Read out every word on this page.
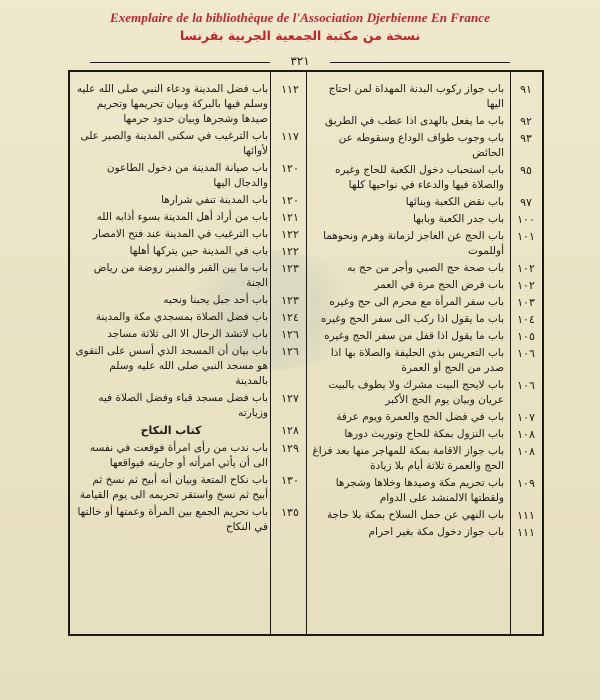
Exemplaire de la bibliothèque de l'Association Djerbienne En France
نسخة من مكتبة الجمعية الجربية بفرنسا
٣٢١
٩١
باب جواز ركوب البدنة المهداة لمن احتاج اليها
٩٢
باب ما يفعل بالهدى اذا عطب في الطريق
٩٣
باب وجوب طواف الوداع وسقوطه عن الحائض
٩٥
باب استحباب دخول الكعبة للحاج وغيره والصلاة فيها والدعاء في نواحيها كلها
٩٧
باب نقض الكعبة وبنائها
١٠٠
باب جدر الكعبة وبابها
١٠١
باب الحج عن العاجز لزمانة وهرم ونحوهما أوللموت
١٠٢
باب صحة حج الصبي وأجر من حج به
١٠٢
باب فرض الحج مرة في العمر
١٠٣
باب سفر المرأة مع محرم الى حج وغيره
١٠٤
باب ما يقول اذا ركب الى سفر الحج وغيره
١٠٥
باب ما يقول اذا قفل من سفر الحج وغيره
١٠٦
باب التعريس بذي الحليفة والصلاة بها اذا صدر من الحج أو العمرة
١٠٦
باب لايحج البيت مشرك ولا يطوف بالبيت عريان وبيان يوم الحج الأكبر
١٠٧
باب في فضل الحج والعمرة ويوم عرفة
١٠٨
باب النزول بمكة للحاج وتوريث دورها
١٠٨
باب جواز الاقامة بمكة للمهاجر منها بعد فراغ الحج والعمرة ثلاثة أيام بلا زيادة
١٠٩
باب تحريم مكة وصيدها وخلاها وشجرها ولقطتها الالمنشد على الدوام
١١١
باب النهي عن حمل السلاح بمكة بلا حاجة
١١١
باب جواز دخول مكة بغير احرام
١١٢
باب فضل المدينة ودعاء النبي صلى الله عليه وسلم فيها بالبركة وبيان تحريمها وتحريم صيدها وشجرها وبيان حدود حرمها
١١٧
باب الترغيب في سكنى المدينة والصبر على لأوائها
١٢٠
باب صيانة المدينة من دخول الطاعون والدجال اليها
١٢٠
باب المدينة تنفي شرارها
١٢١
باب من أراد أهل المدينة بسوء أذابه الله
١٢٢
باب الترغيب في المدينة عند فتح الامصار
١٢٢
باب في المدينة حين يتركها أهلها
١٢٣
باب ما بين القبر والمنبر روضة من رياض الجنة
١٢٣
باب أحد جبل يحبنا ونحبه
١٢٤
باب فضل الصلاة بمسجدي مكة والمدينة
١٢٦
باب لاتشد الرحال الا الى ثلاثة مساجد
١٢٦
باب بيان أن المسجد الذي أسس على التقوى هو مسجد النبي صلى الله عليه وسلم بالمدينة
١٢٧
باب فضل مسجد قباء وفضل الصلاة فيه وزيارته
١٢٨
كتاب النكاح
١٢٩
باب ندب من رأى امرأة فوقعت في نفسه الى أن يأتي امرأته أو جاريته فيواقعها
١٣٠
باب نكاح المتعة وبيان أنه أبيح ثم نسخ ثم أبيح ثم نسخ واستقر تحريمه الى يوم القيامة
١٣٥
باب تحريم الجمع بين المرأة وعمتها أو خالتها في النكاح
